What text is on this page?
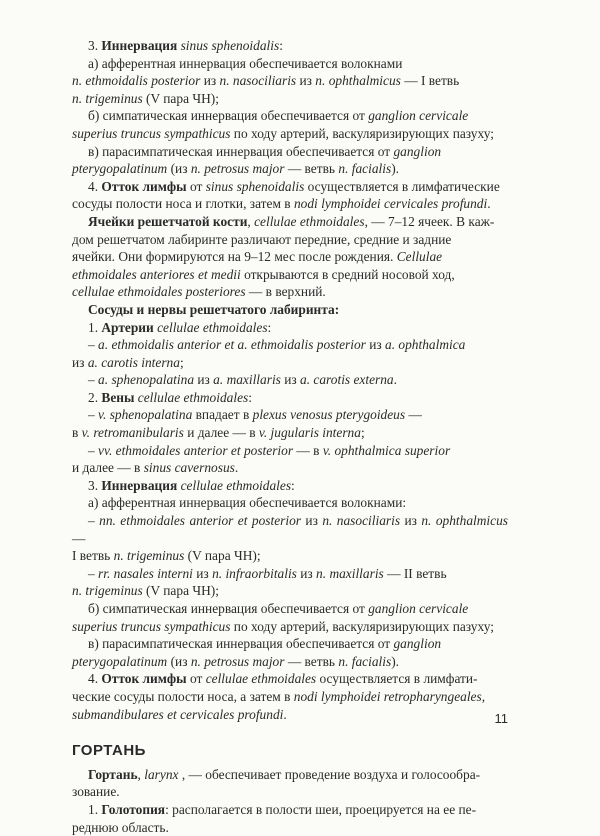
3. Иннервация sinus sphenoidalis:

а) афферентная иннервация обеспечивается волокнами

n. ethmoidalis posterior из n. nasociliaris из n. ophthalmicus — I ветвь

n. trigeminus (V пара ЧН);

б) симпатическая иннервация обеспечивается от ganglion cervicale

superius truncus sympathicus по ходу артерий, васкуляризирующих пазуху;

в) парасимпатическая иннервация обеспечивается от ganglion

pterygopalatinum (из n. petrosus major — ветвь n. facialis).

4. Отток лимфы от sinus sphenoidalis осуществляется в лимфатические

сосуды полости носа и глотки, затем в nodi lymphoidei cervicales profundi.

Ячейки решетчатой кости, cellulae ethmoidales, — 7–12 ячеек. В каж-

дом решетчатом лабиринте различают передние, средние и задние

ячейки. Они формируются на 9–12 мес после рождения. Cellulae

ethmoidales anteriores et medii открываются в средний носовой ход,

cellulae ethmoidales posteriores — в верхний.

Сосуды и нервы решетчатого лабиринта:

1. Артерии cellulae ethmoidales:

– a. ethmoidalis anterior et a. ethmoidalis posterior из a. ophthalmica

из a. carotis interna;

– a. sphenopalatina из a. maxillaris из a. carotis externa.

2. Вены cellulae ethmoidales:

– v. sphenopalatina впадает в plexus venosus pterygoideus —

в v. retromanibularis и далее — в v. jugularis interna;

– vv. ethmoidales anterior et posterior — в v. ophthalmica superior

и далее — в sinus cavernosus.

3. Иннервация cellulae ethmoidales:

а) афферентная иннервация обеспечивается волокнами:

– nn. ethmoidales anterior et posterior из n. nasociliaris из n. ophthalmicus —

I ветвь n. trigeminus (V пара ЧН);

– rr. nasales interni из n. infraorbitalis из n. maxillaris — II ветвь

n. trigeminus (V пара ЧН);

б) симпатическая иннервация обеспечивается от ganglion cervicale

superius truncus sympathicus по ходу артерий, васкуляризирующих пазуху;

в) парасимпатическая иннервация обеспечивается от ganglion

pterygopalatinum (из n. petrosus major — ветвь n. facialis).

4. Отток лимфы от cellulae ethmoidales осуществляется в лимфати-

ческие сосуды полости носа, а затем в nodi lymphoidei retropharyngeales,

submandibulares et cervicales profundi.

ГОРТАНЬ

Гортань, larynx , — обеспечивает проведение воздуха и голосообра-

зование.

1. Голотопия: располагается в полости шеи, проецируется на ее пе-

реднюю область.

11
